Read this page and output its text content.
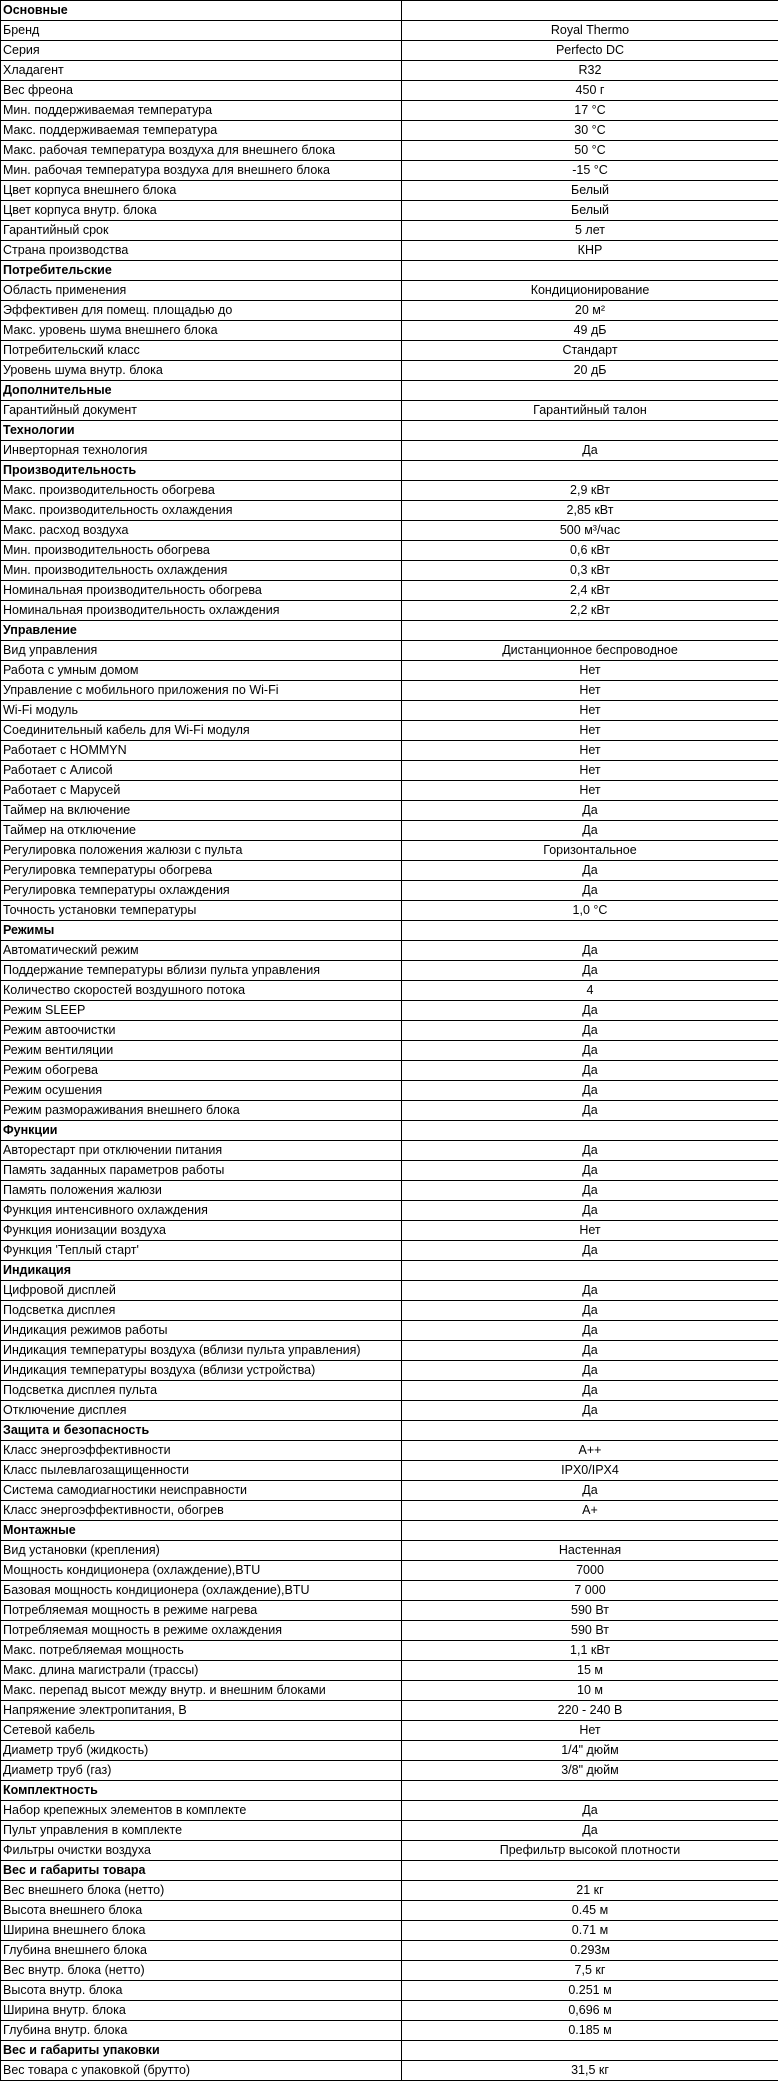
Основные	
Бренд	Royal Thermo
Серия	Perfecto DC
Хладагент	R32
Вес фреона	450 г
Мин. поддерживаемая температура	17 °C
Макс. поддерживаемая температура	30 °C
Макс. рабочая температура воздуха для внешнего блока	50 °C
Мин. рабочая температура воздуха для внешнего блока	-15 °C
Цвет корпуса внешнего блока	Белый
Цвет корпуса внутр. блока	Белый
Гарантийный срок	5 лет
Страна производства	КНР
Потребительские	
Область применения	Кондиционирование
Эффективен для помещ. площадью до	20 м²
Макс. уровень шума внешнего блока	49 дБ
Потребительский класс	Стандарт
Уровень шума внутр. блока	20 дБ
Дополнительные	
Гарантийный документ	Гарантийный талон
Технологии	
Инверторная технология	Да
Производительность	
Макс. производительность обогрева	2,9 кВт
Макс. производительность охлаждения	2,85 кВт
Макс. расход воздуха	500 м³/час
Мин. производительность обогрева	0,6 кВт
Мин. производительность охлаждения	0,3 кВт
Номинальная производительность обогрева	2,4 кВт
Номинальная производительность охлаждения	2,2 кВт
Управление	
Вид управления	Дистанционное беспроводное
Работа с умным домом	Нет
Управление с мобильного приложения по Wi-Fi	Нет
Wi-Fi модуль	Нет
Соединительный кабель для Wi-Fi модуля	Нет
Работает с HOMMYN	Нет
Работает с Алисой	Нет
Работает с Марусей	Нет
Таймер на включение	Да
Таймер на отключение	Да
Регулировка положения жалюзи с пульта	Горизонтальное
Регулировка температуры обогрева	Да
Регулировка температуры охлаждения	Да
Точность установки температуры	1,0 °C
Режимы	
Автоматический режим	Да
Поддержание температуры вблизи пульта управления	Да
Количество скоростей воздушного потока	4
Режим SLEEP	Да
Режим автоочистки	Да
Режим вентиляции	Да
Режим обогрева	Да
Режим осушения	Да
Режим размораживания внешнего блока	Да
Функции	
Авторестарт при отключении питания	Да
Память заданных параметров работы	Да
Память положения жалюзи	Да
Функция интенсивного охлаждения	Да
Функция ионизации воздуха	Нет
Функция 'Теплый старт'	Да
Индикация	
Цифровой дисплей	Да
Подсветка дисплея	Да
Индикация режимов работы	Да
Индикация температуры воздуха (вблизи пульта управления)	Да
Индикация температуры воздуха (вблизи устройства)	Да
Подсветка дисплея пульта	Да
Отключение дисплея	Да
Защита и безопасность	
Класс энергоэффективности	A++
Класс пылевлагозащищенности	IPX0/IPX4
Система самодиагностики неисправности	Да
Класс энергоэффективности, обогрев	A+
Монтажные	
Вид установки (крепления)	Настенная
Мощность кондиционера (охлаждение),BTU	7000
Базовая мощность кондиционера (охлаждение),BTU	7 000
Потребляемая мощность в режиме нагрева	590 Вт
Потребляемая мощность в режиме охлаждения	590 Вт
Макс. потребляемая мощность	1,1 кВт
Макс. длина магистрали (трассы)	15 м
Макс. перепад высот между внутр. и внешним блоками	10 м
Напряжение электропитания, В	220 - 240 В
Сетевой кабель	Нет
Диаметр труб (жидкость)	1/4" дюйм
Диаметр труб (газ)	3/8" дюйм
Комплектность	
Набор крепежных элементов в комплекте	Да
Пульт управления в комплекте	Да
Фильтры очистки воздуха	Префильтр высокой плотности
Вес и габариты товара	
Вес внешнего блока (нетто)	21 кг
Высота внешнего блока	0.45 м
Ширина внешнего блока	0.71 м
Глубина внешнего блока	0.293м
Вес внутр. блока (нетто)	7,5 кг
Высота внутр. блока	0.251 м
Ширина внутр. блока	0,696 м
Глубина внутр. блока	0.185 м
Вес и габариты упаковки	
Вес товара с упаковкой (брутто)	31,5 кг
